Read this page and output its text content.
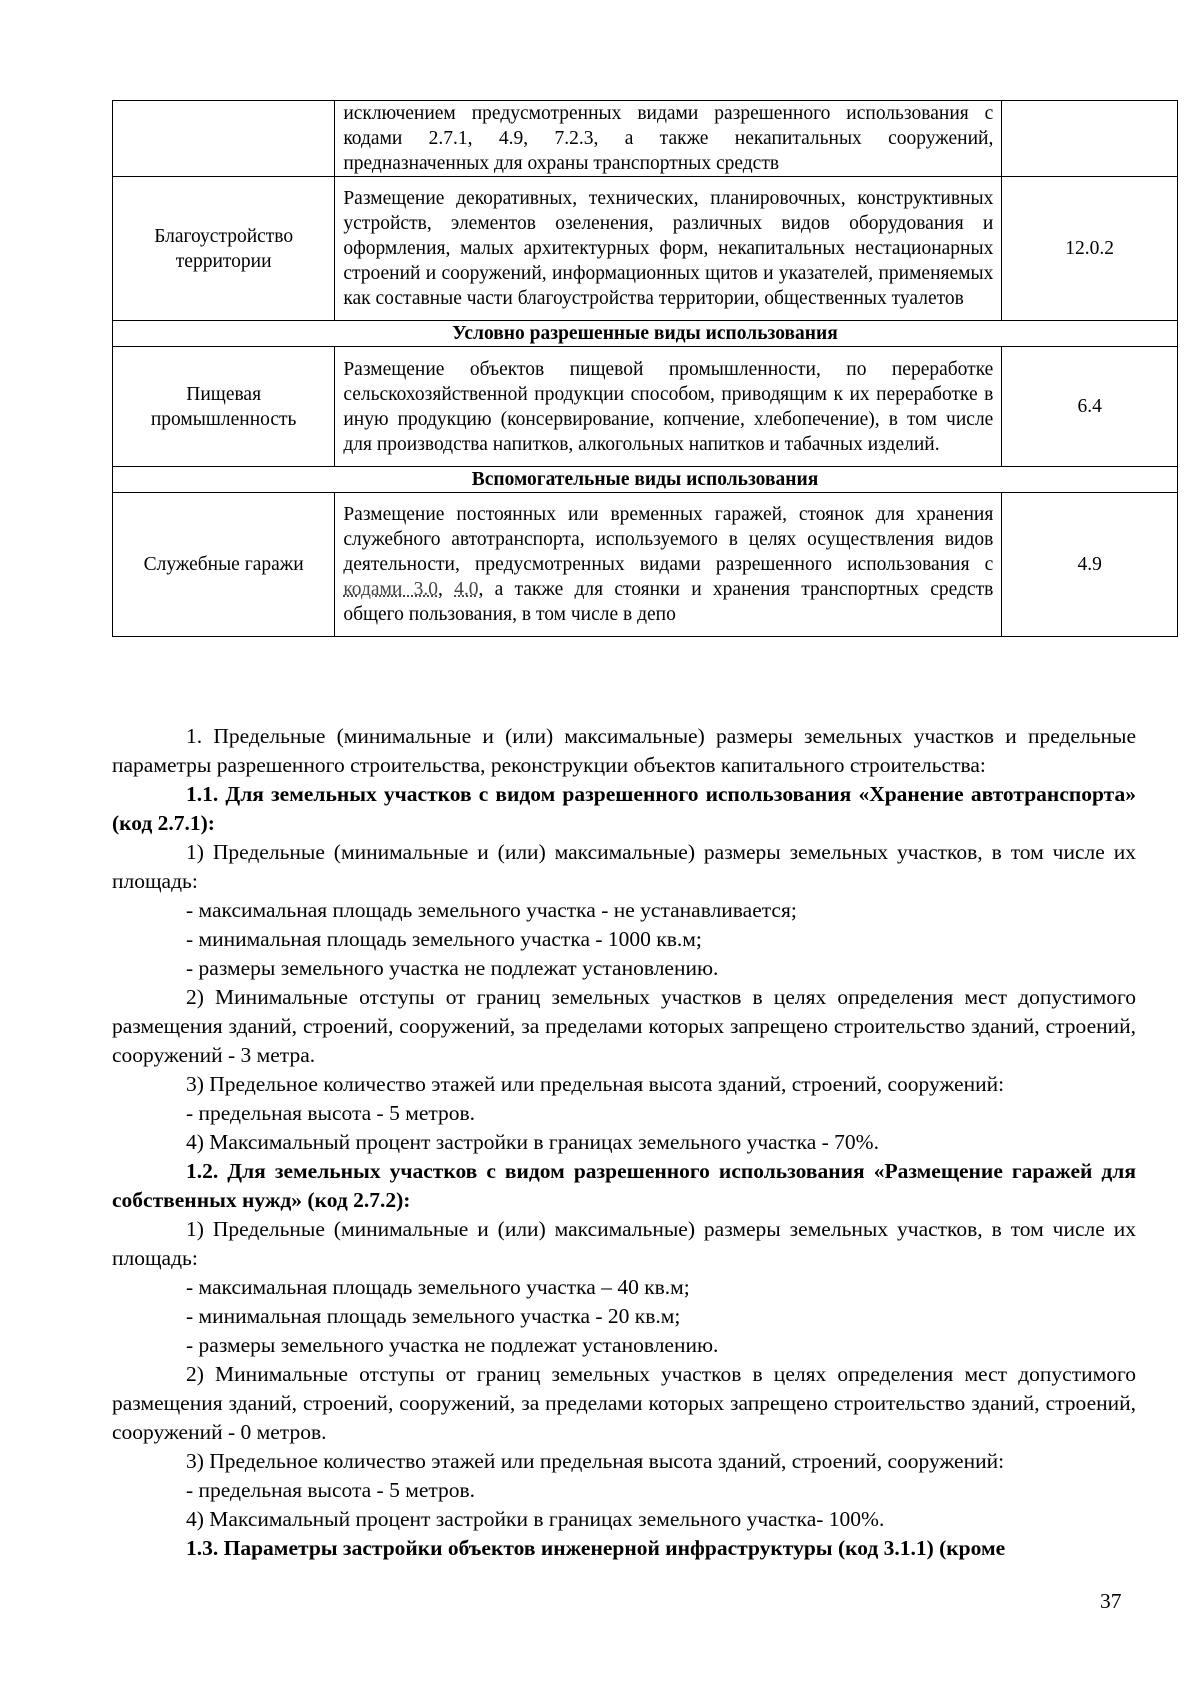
	исключением предусмотренных видами разрешенного использования с кодами 2.7.1, 4.9, 7.2.3, а также некапитальных сооружений, предназначенных для охраны транспортных средств	
Благоустройство территории	Размещение декоративных, технических, планировочных, конструктивных устройств, элементов озеленения, различных видов оборудования и оформления, малых архитектурных форм, некапитальных нестационарных строений и сооружений, информационных щитов и указателей, применяемых как составные части благоустройства территории, общественных туалетов	12.0.2
Условно разрешенные виды использования		
Пищевая промышленность	Размещение объектов пищевой промышленности, по переработке сельскохозяйственной продукции способом, приводящим к их переработке в иную продукцию (консервирование, копчение, хлебопечение), в том числе для производства напитков, алкогольных напитков и табачных изделий.	6.4
Вспомогательные виды использования		
Служебные гаражи	Размещение постоянных или временных гаражей, стоянок для хранения служебного автотранспорта, используемого в целях осуществления видов деятельности, предусмотренных видами разрешенного использования с кодами 3.0, 4.0, а также для стоянки и хранения транспортных средств общего пользования, в том числе в депо	4.9

1. Предельные (минимальные и (или) максимальные) размеры земельных участков и предельные параметры разрешенного строительства, реконструкции объектов капитального строительства:

1.1. Для земельных участков с видом разрешенного использования «Хранение автотранспорта» (код 2.7.1):

1) Предельные (минимальные и (или) максимальные) размеры земельных участков, в том числе их площадь:

- максимальная площадь земельного участка - не устанавливается;

- минимальная площадь земельного участка - 1000 кв.м;

- размеры земельного участка не подлежат установлению.

2) Минимальные отступы от границ земельных участков в целях определения мест допустимого размещения зданий, строений, сооружений, за пределами которых запрещено строительство зданий, строений, сооружений - 3 метра.

3) Предельное количество этажей или предельная высота зданий, строений, сооружений:

- предельная высота - 5 метров.

4) Максимальный процент застройки в границах земельного участка - 70%.

1.2. Для земельных участков с видом разрешенного использования «Размещение гаражей для собственных нужд» (код 2.7.2):

1) Предельные (минимальные и (или) максимальные) размеры земельных участков, в том числе их площадь:

- максимальная площадь земельного участка – 40 кв.м;

- минимальная площадь земельного участка - 20 кв.м;

- размеры земельного участка не подлежат установлению.

2) Минимальные отступы от границ земельных участков в целях определения мест допустимого размещения зданий, строений, сооружений, за пределами которых запрещено строительство зданий, строений, сооружений - 0 метров.

3) Предельное количество этажей или предельная высота зданий, строений, сооружений:

- предельная высота - 5 метров.

4) Максимальный процент застройки в границах земельного участка- 100%.

1.3. Параметры застройки объектов инженерной инфраструктуры (код 3.1.1) (кроме

37
